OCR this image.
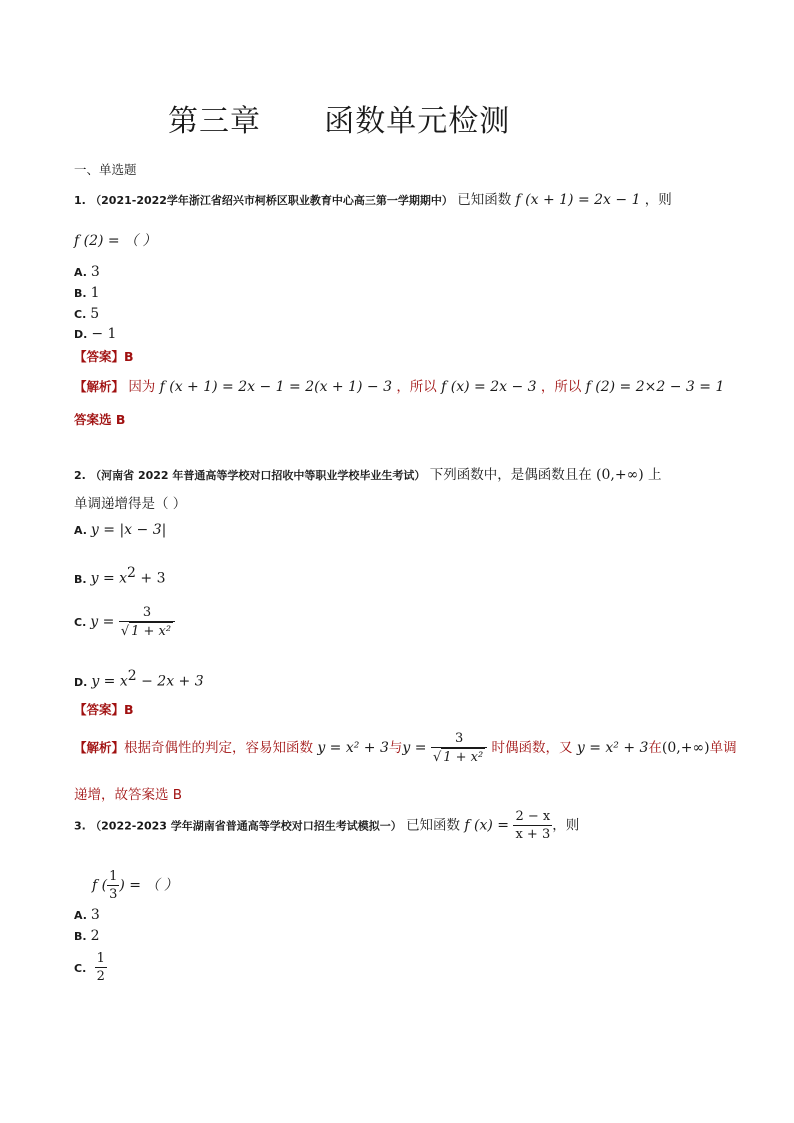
第三章      函数单元检测
一、单选题
1. （2021-2022学年浙江省绍兴市柯桥区职业教育中心高三第一学期期中） 已知函数 f (x + 1) = 2x − 1 ，则
f (2) = （ ）
A. 3
B. 1
C. 5
D. − 1
【答案】B
【解析】 因为 f (x + 1) = 2x − 1 = 2(x + 1) − 3 ，所以 f (x) = 2x − 3 ，所以 f (2) = 2×2 − 3 = 1
答案选 B
2. （河南省 2022 年普通高等学校对口招收中等职业学校毕业生考试） 下列函数中，是偶函数且在 (0,+∞) 上
单调递增得是（ ）
A. y = |x − 3|
B. $y = x^2 + 3$
C. $y = \frac{3}{\text{√ 1 + x²}}$
D. $y = x^2 - 2x + 3$
【答案】B
【解析】根据奇偶性的判定，容易知函数 y = x² + 3与$y = \frac{3}{\text{√ 1 + x²}}$ 时偶函数，又 y = x² + 3在(0,+∞)单调
递增，故答案选 B
3. （2022-2023 学年湖南省普通高等学校对口招生考试模拟一） 已知函数 f $(x) = \frac{2 - x}{x + 3}$ ，则
f ( $\frac{1}{3}$ ) = （ ）
A. 3
B. 2
C. $\frac{1}{2}$
